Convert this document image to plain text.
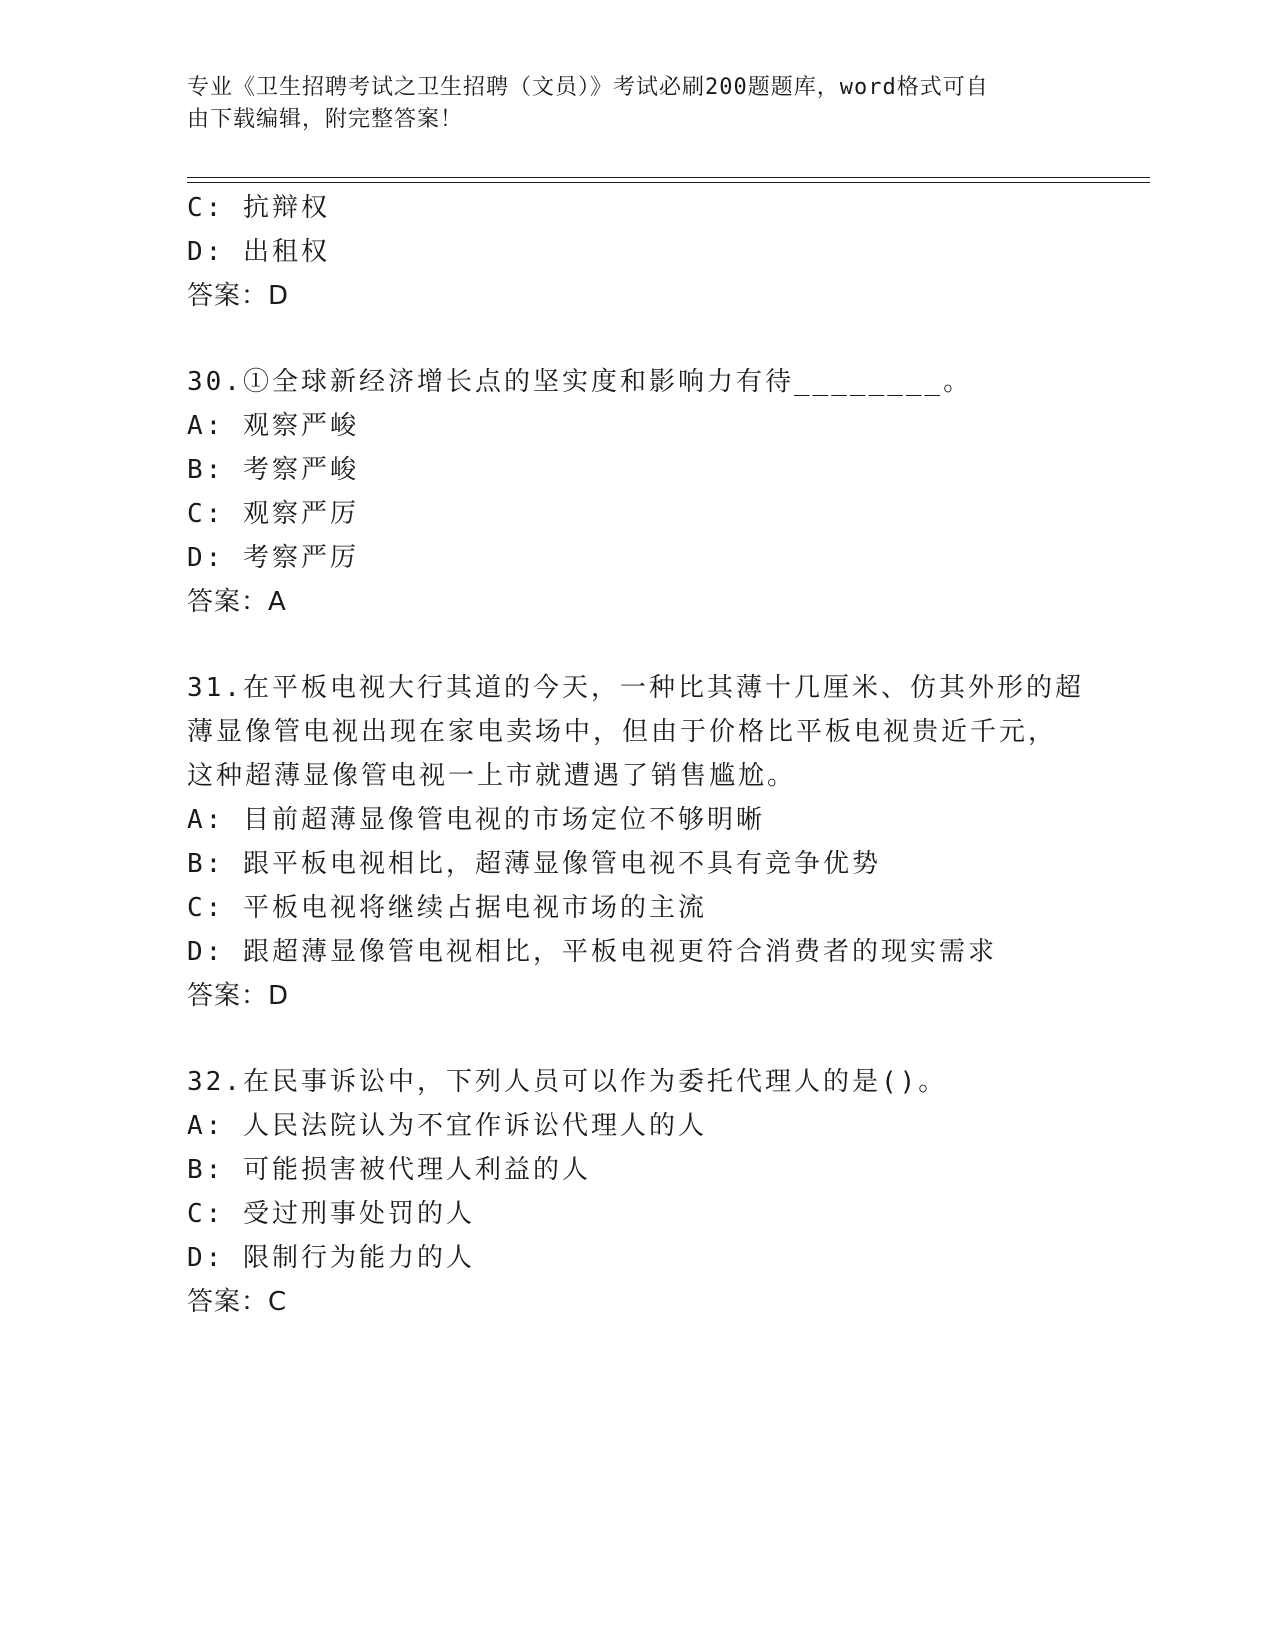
专业《卫生招聘考试之卫生招聘（文员）》考试必刷200题题库，word格式可自
由下载编辑，附完整答案！
C: 抗辩权
D: 出租权
答案：D
30.①全球新经济增长点的坚实度和影响力有待________。
A: 观察严峻
B: 考察严峻
C: 观察严厉
D: 考察严厉
答案：A
31.在平板电视大行其道的今天，一种比其薄十几厘米、仿其外形的超
薄显像管电视出现在家电卖场中，但由于价格比平板电视贵近千元，
这种超薄显像管电视一上市就遭遇了销售尴尬。
A: 目前超薄显像管电视的市场定位不够明晰
B: 跟平板电视相比，超薄显像管电视不具有竞争优势
C: 平板电视将继续占据电视市场的主流
D: 跟超薄显像管电视相比，平板电视更符合消费者的现实需求
答案：D
32.在民事诉讼中，下列人员可以作为委托代理人的是()。
A: 人民法院认为不宜作诉讼代理人的人
B: 可能损害被代理人利益的人
C: 受过刑事处罚的人
D: 限制行为能力的人
答案：C
